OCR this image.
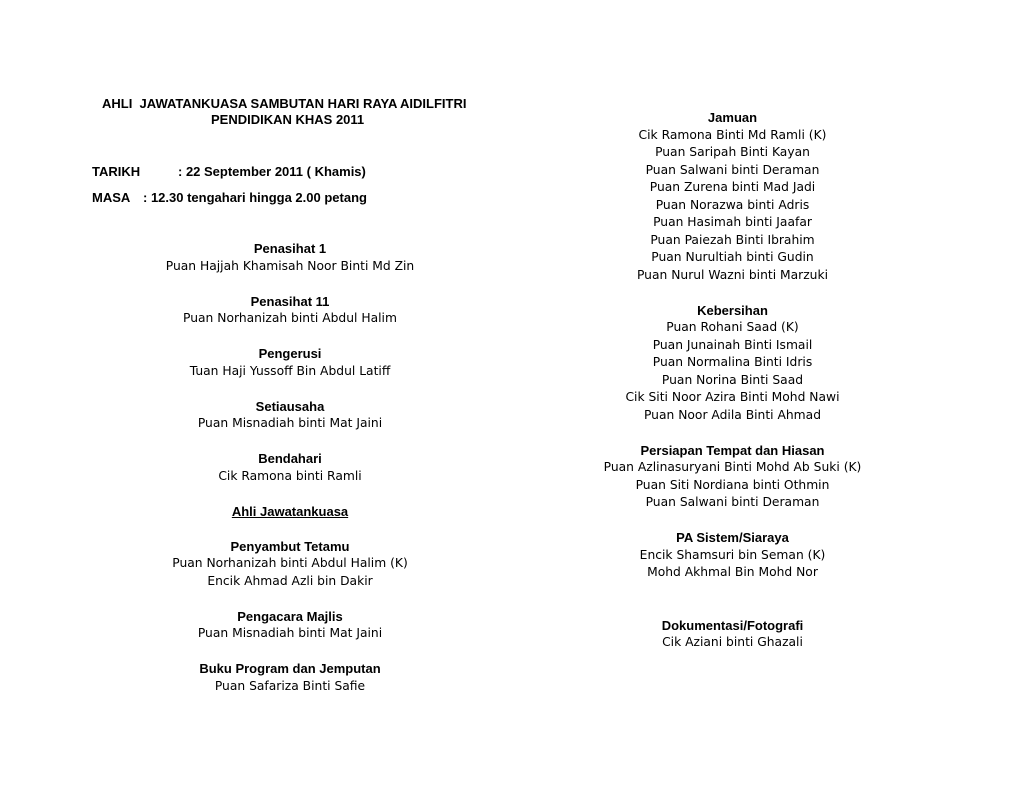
AHLI  JAWATANKUASA SAMBUTAN HARI RAYA AIDILFITRI
PENDIDIKAN KHAS 2011
TARIKH	: 22 September 2011 ( Khamis)
MASA : 12.30 tengahari hingga 2.00 petang
Penasihat 1
Puan Hajjah Khamisah Noor Binti Md Zin
Penasihat 11
Puan Norhanizah binti Abdul Halim
Pengerusi
Tuan Haji Yussoff Bin Abdul Latiff
Setiausaha
Puan Misnadiah binti Mat Jaini
Bendahari
Cik Ramona binti Ramli
Ahli Jawatankuasa
Penyambut Tetamu
Puan Norhanizah binti Abdul Halim (K)
Encik Ahmad Azli bin Dakir
Pengacara Majlis
Puan Misnadiah binti Mat Jaini
Buku Program dan Jemputan
Puan Safariza Binti Safie
Jamuan
Cik Ramona Binti Md Ramli (K)
Puan Saripah Binti Kayan
Puan Salwani binti Deraman
Puan Zurena binti Mad Jadi
Puan Norazwa binti Adris
Puan Hasimah binti Jaafar
Puan Paiezah Binti Ibrahim
Puan Nurultiah binti Gudin
Puan Nurul Wazni binti Marzuki
Kebersihan
Puan Rohani Saad (K)
Puan Junainah Binti Ismail
Puan Normalina Binti Idris
Puan Norina Binti Saad
Cik Siti Noor Azira Binti Mohd Nawi
Puan Noor Adila Binti Ahmad
Persiapan Tempat dan Hiasan
Puan Azlinasuryani Binti Mohd Ab Suki (K)
Puan Siti Nordiana binti Othmin
Puan Salwani binti Deraman
PA Sistem/Siaraya
Encik Shamsuri bin Seman (K)
Mohd Akhmal Bin Mohd Nor
Dokumentasi/Fotografi
Cik Aziani binti Ghazali
